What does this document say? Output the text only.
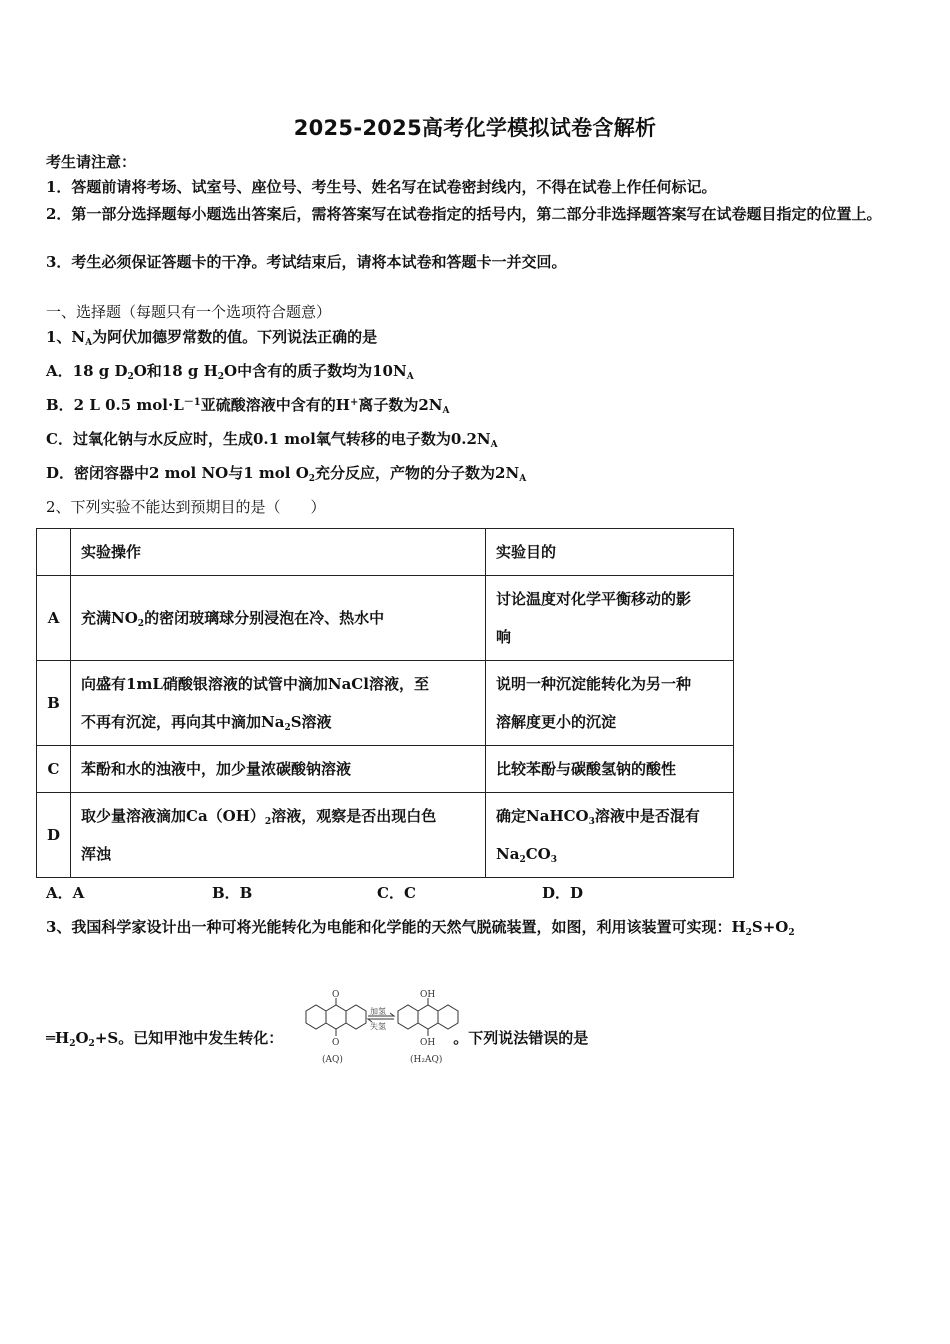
2025-2025高考化学模拟试卷含解析
考生请注意：
1．答题前请将考场、试室号、座位号、考生号、姓名写在试卷密封线内，不得在试卷上作任何标记。
2．第一部分选择题每小题选出答案后，需将答案写在试卷指定的括号内，第二部分非选择题答案写在试卷题目指定的位置上。
3．考生必须保证答题卡的干净。考试结束后，请将本试卷和答题卡一并交回。
一、选择题（每题只有一个选项符合题意）
1、$N_A$为阿伏加德罗常数的值。下列说法正确的是
A．18 g $D_2O$和18 g $H_2O$中含有的质子数均为$10N_A$
B．2 L 0.5 $mol\cdot L^{-1}$亚硫酸溶液中含有的H+离子数为$2N_A$
C．过氧化钠与水反应时，生成0.1 mol氧气转移的电子数为$0.2N_A$
D．密闭容器中2 mol NO与1 mol $O_2$充分反应，产物的分子数为$2N_A$
2、下列实验不能达到预期目的是（　　）
	实验操作	实验目的
A	充满$NO_2$的密闭玻璃球分别浸泡在冷、热水中	讨论温度对化学平衡移动的影
响
B	向盛有1mL硝酸银溶液的试管中滴加NaCl溶液，至
不再有沉淀，再向其中滴加$Na_2S$溶液	说明一种沉淀能转化为另一种
溶解度更小的沉淀
C	苯酚和水的浊液中，加少量浓碳酸钠溶液	比较苯酚与碳酸氢钠的酸性
D	取少量溶液滴加$Ca(OH)_2$溶液，观察是否出现白色
浑浊	确定NaHCO$_3$溶液中是否混有
$Na_2CO_3$
A．A	B．B	C．C	D．D
3、我国科学家设计出一种可将光能转化为电能和化学能的天然气脱硫装置，如图，利用该装置可实现：$H_2S+O_2$
$═H_2O_2+S$。已知甲池中发生转化：	。下列说法错误的是
O
O
(AQ)
加氢
失氢
OH
OH
(H₂AQ)
